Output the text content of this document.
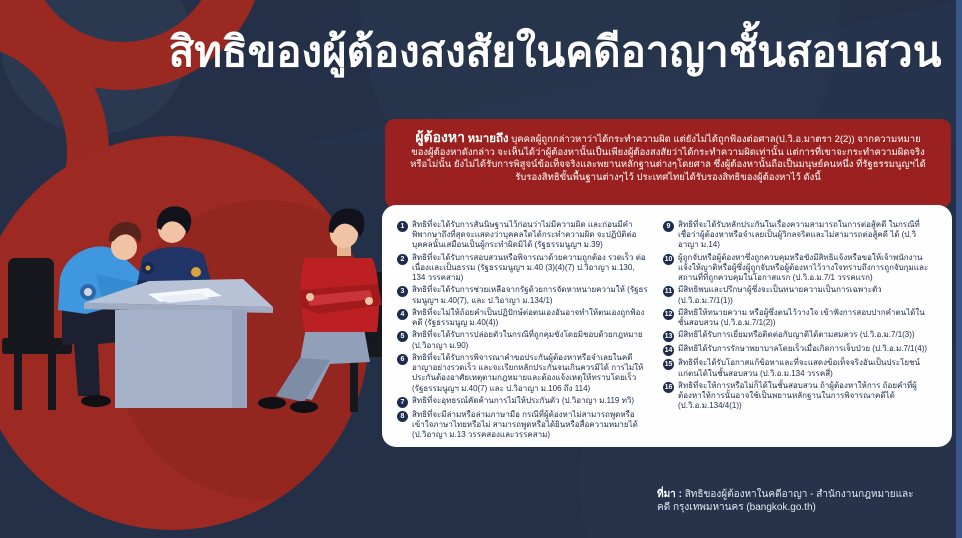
สิทธิของผู้ต้องสงสัยในคดีอาญาชั้นสอบสวน
ผู้ต้องหา หมายถึง บุคคลผู้ถูกกล่าวหาว่าได้กระทำความผิด แต่ยังไม่ได้ถูกฟ้องต่อศาล(ป.วิ.อ.มาตรา 2(2)) จากความหมายของผู้ต้องหาดังกล่าว จะเห็นได้ว่าผู้ต้องหานั้นเป็นเพียงผู้ต้องสงสัยว่าได้กระทำความผิดเท่านั้น แต่การที่เขาจะกระทำความผิดจริงหรือไม่นั้น ยังไม่ได้รับการพิสูจน์ข้อเท็จจริงและพยานหลักฐานต่างๆโดยศาล ซึ่งผู้ต้องหานั้นถือเป็นมนุษย์คนหนึ่ง ที่รัฐธรรมนูญฯได้รับรองสิทธิขั้นพื้นฐานต่างๆไว้ ประเทศไทยได้รับรองสิทธิของผู้ต้องหาไว้ ดังนี้
1 สิทธิที่จะได้รับการสันนิษฐานไว้ก่อนว่าไม่มีความผิด และก่อนมีคำพิพากษาถึงที่สุดจะแสดงว่าบุคคลใดได้กระทำความผิด จะปฏิบัติต่อบุคคลนั้นเสมือนเป็นผู้กระทำผิดมิได้ (รัฐธรรมนูญฯ ม.39)
2 สิทธิที่จะได้รับการสอบสวนหรือพิจารณาด้วยความถูกต้อง รวดเร็ว ต่อเนื่องและเป็นธรรม (รัฐธรรมนูญฯ ม.40 (3)(4)(7) ป.วิอาญา ม.130, 134 วรรคสาม)
3 สิทธิที่จะได้รับการช่วยเหลือจากรัฐด้วยการจัดหาทนายความให้ (รัฐธรรมนูญฯ ม.40(7), และ ป.วิอาญา ม.134/1)
4 สิทธิที่จะไม่ให้ถ้อยคำเป็นปฏิปักษ์ต่อตนเองอันอาจทำให้ตนเองถูกฟ้องคดี (รัฐธรรมนูญ ม.40(4))
5 สิทธิที่จะได้รับการปล่อยตัวในกรณีที่ถูกคุมขังโดยมิชอบด้วยกฎหมาย (ป.วิอาญา ม.90)
6 สิทธิที่จะได้รับการพิจารณาคำขอประกันผู้ต้องหาหรือจำเลยในคดีอาญาอย่างรวดเร็ว และจะเรียกหลักประกันจนเกินควรมิได้ การไม่ให้ประกันต้องอาศัยเหตุตามกฎหมายและต้องแจ้งเหตุให้ทราบโดยเร็ว (รัฐธรรมนูญฯ ม.40(7) และ ป.วิอาญา ม.106 ถึง 114)
7 สิทธิที่จะอุทธรณ์คัดค้านการไม่ให้ประกันตัว (ป.วิอาญา ม.119 ทวิ)
8 สิทธิที่จะมีล่ามหรือล่ามภาษามือ กรณีที่ผู้ต้องหาไม่สามารถพูดหรือเข้าใจภาษาไทยหรือไม่ สามารถพูดหรือได้ยินหรือสื่อความหมายได้ (ป.วิอาญา ม.13 วรรคสองและวรรคสาม)
9 สิทธิที่จะได้รับหลักประกันในเรื่องความสามารถในการต่อสู้คดี ในกรณีที่เชื่อว่าผู้ต้องหาหรือจำเลยเป็นผู้วิกลจริตและไม่สามารถต่อสู้คดี ได้ (ป.วิอาญา ม.14)
10 ผู้ถูกจับหรือผู้ต้องหาซึ่งถูกควบคุมหรือขังมีสิทธิแจ้งหรือขอให้เจ้าพนักงานแจ้งให้ญาติหรือผู้ซึ่งผู้ถูกจับหรือผู้ต้องหาไว้วางใจทราบถึงการถูกจับกุมและสถานที่ที่ถูกควบคุมในโอกาสแรก (ป.วิ.อ.ม.7/1 วรรคแรก)
11 มีสิทธิพบและปรึกษาผู้ซึ่งจะเป็นทนายความเป็นการเฉพาะตัว (ป.วิ.อ.ม.7/1(1))
12 มีสิทธิให้ทนายความ หรือผู้ซึ่งตนไว้วางใจ เข้าฟังการสอบปากคำตนได้ในชั้นสอบสวน (ป.วิ.อ.ม.7/1(2))
13 มีสิทธิได้รับการเยี่ยมหรือติดต่อกับญาติได้ตามสมควร (ป.วิ.อ.ม.7/1(3))
14 มีสิทธิได้รับการรักษาพยาบาลโดยเร็วเมื่อเกิดการเจ็บป่วย (ป.วิ.อ.ม.7/1(4))
15 สิทธิที่จะได้รับโอกาสแก้ข้อหาและที่จะแสดงข้อเท็จจริงอันเป็นประโยชน์แก่ตนได้ในชั้นสอบสวน (ป.วิ.อ.ม.134 วรรคสี่)
16 สิทธิที่จะให้การหรือไม่ก็ได้ในชั้นสอบสวน ถ้าผู้ต้องหาให้การ ถ้อยคำที่ผู้ต้องหาให้การนั้นอาจใช้เป็นพยานหลักฐานในการพิจารณาคดีได้ (ป.วิ.อ.ม.134/4(1))
ที่มา : สิทธิของผู้ต้องหาในคดีอาญา - สำนักงานกฎหมายและคดี กรุงเทพมหานคร (bangkok.go.th)
